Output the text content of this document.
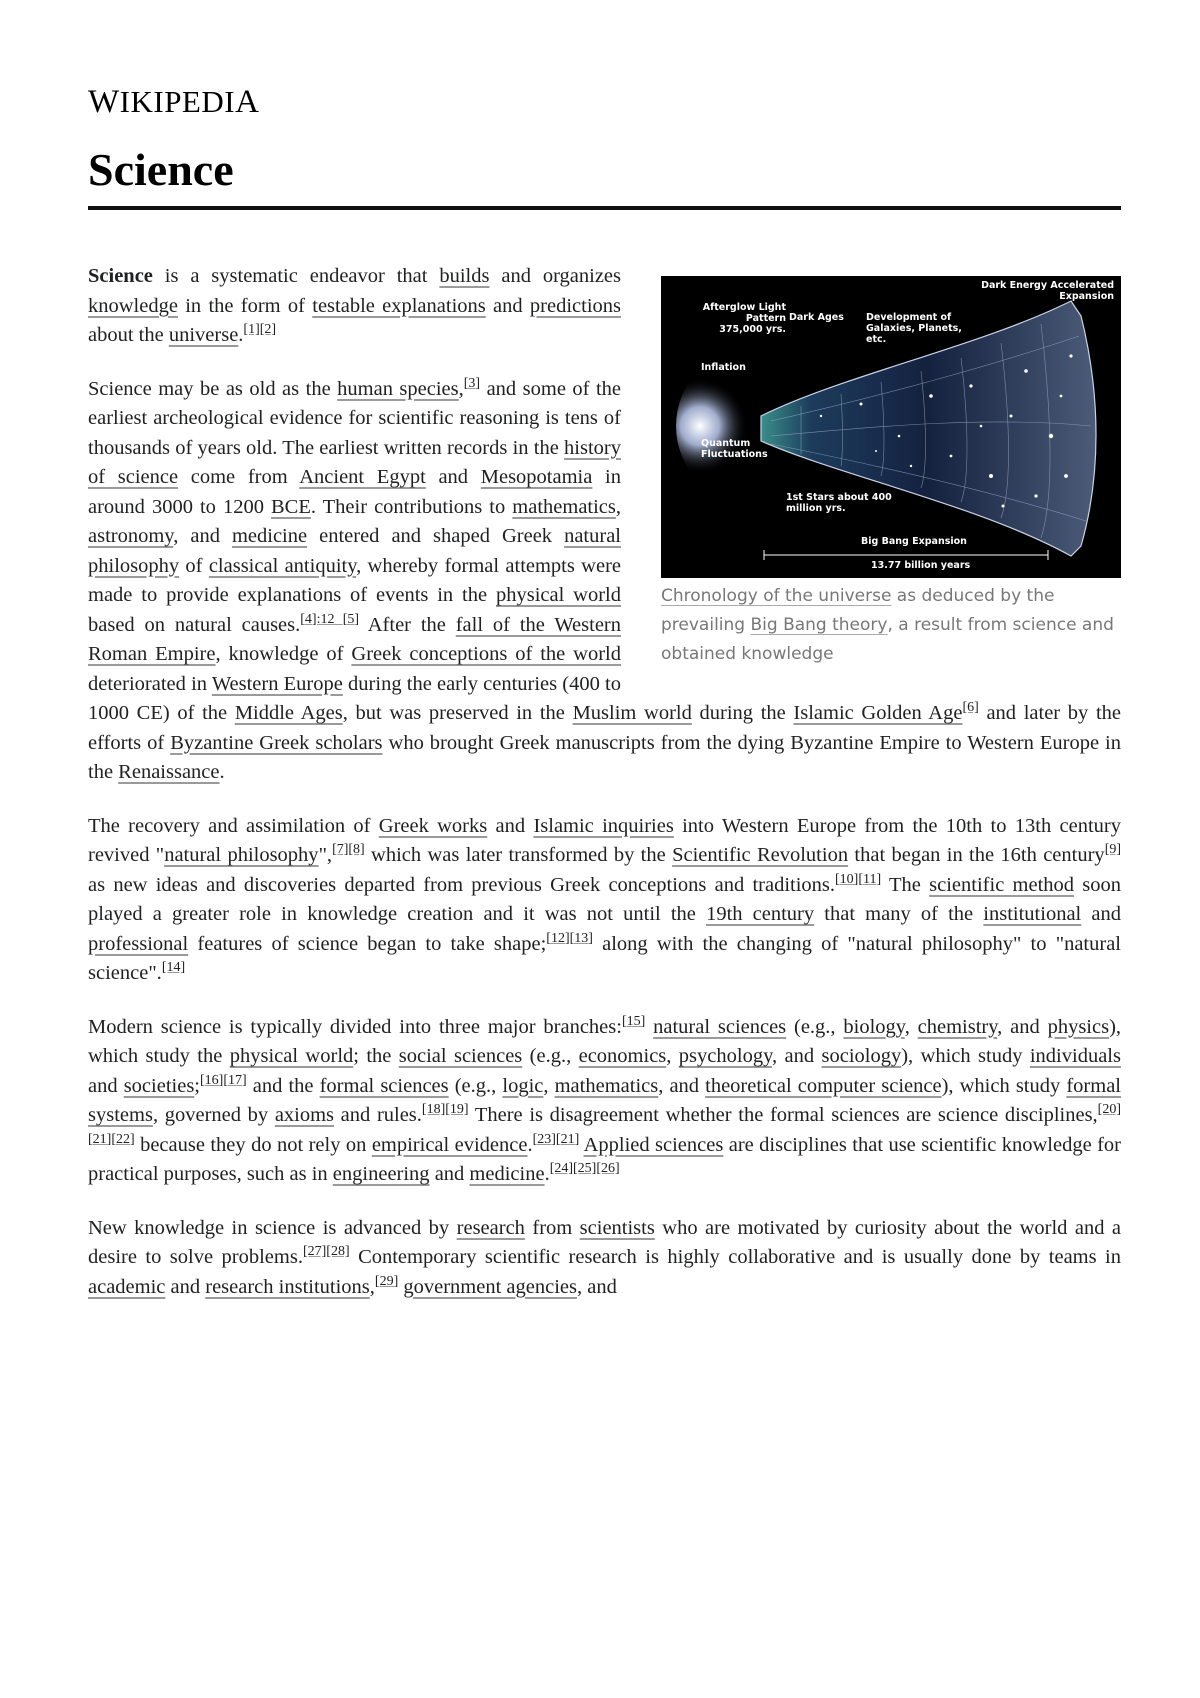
WIKIPEDIA
Science
Afterglow Light Pattern 375,000 yrs.
Dark Ages Development of Galaxies, Planets, etc.
Dark Energy Accelerated Expansion
Inflation
Quantum Fluctuations
1st Stars about 400 million yrs.
Big Bang Expansion
13.77 billion years
Chronology of the universe as deduced by the prevailing Big Bang theory, a result from science and obtained knowledge

Science is a systematic endeavor that builds and organizes knowledge in the form of testable explanations and predictions about the universe.[1][2]

Science may be as old as the human species,[3] and some of the earliest archeological evidence for scientific reasoning is tens of thousands of years old. The earliest written records in the history of science come from Ancient Egypt and Mesopotamia in around 3000 to 1200 BCE. Their contributions to mathematics, astronomy, and medicine entered and shaped Greek natural philosophy of classical antiquity, whereby formal attempts were made to provide explanations of events in the physical world based on natural causes.[4]:12 [5] After the fall of the Western Roman Empire, knowledge of Greek conceptions of the world deteriorated in Western Europe during the early centuries (400 to 1000 CE) of the Middle Ages, but was preserved in the Muslim world during the Islamic Golden Age[6] and later by the efforts of Byzantine Greek scholars who brought Greek manuscripts from the dying Byzantine Empire to Western Europe in the Renaissance.

The recovery and assimilation of Greek works and Islamic inquiries into Western Europe from the 10th to 13th century revived "natural philosophy",[7][8] which was later transformed by the Scientific Revolution that began in the 16th century[9] as new ideas and discoveries departed from previous Greek conceptions and traditions.[10][11] The scientific method soon played a greater role in knowledge creation and it was not until the 19th century that many of the institutional and professional features of science began to take shape;[12][13] along with the changing of "natural philosophy" to "natural science".[14]

Modern science is typically divided into three major branches:[15] natural sciences (e.g., biology, chemistry, and physics), which study the physical world; the social sciences (e.g., economics, psychology, and sociology), which study individuals and societies;[16][17] and the formal sciences (e.g., logic, mathematics, and theoretical computer science), which study formal systems, governed by axioms and rules.[18][19] There is disagreement whether the formal sciences are science disciplines,[20][21][22] because they do not rely on empirical evidence.[23][21] Applied sciences are disciplines that use scientific knowledge for practical purposes, such as in engineering and medicine.[24][25][26]

New knowledge in science is advanced by research from scientists who are motivated by curiosity about the world and a desire to solve problems.[27][28] Contemporary scientific research is highly collaborative and is usually done by teams in academic and research institutions,[29] government agencies, and
